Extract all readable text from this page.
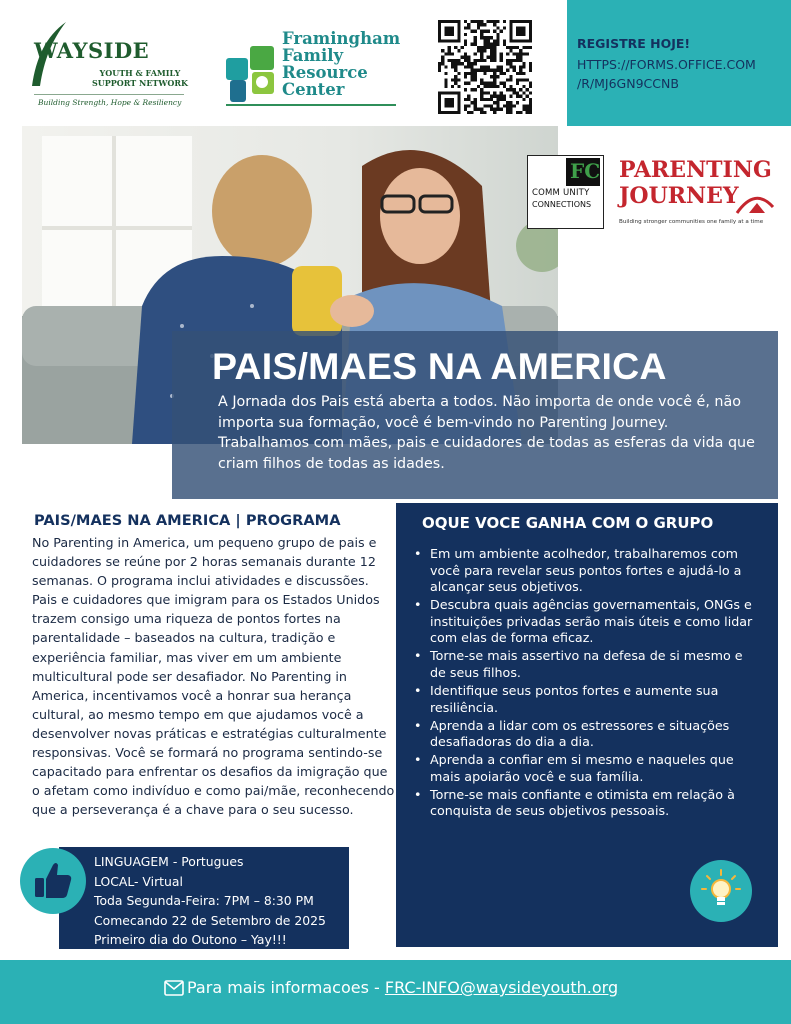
WAYSIDE
YOUTH & FAMILY
SUPPORT NETWORK
Building Strength, Hope & Resiliency
Framingham
Family
Resource
Center
REGISTRE HOJE!
HTTPS://FORMS.OFFICE.COM
/R/MJ6GN9CCNB
FC
COMM UNITY
CONNECTIONS
PARENTING
JOURNEY
Building stronger communities one family at a time
PAIS/MAES NA AMERICA
A Jornada dos Pais está aberta a todos. Não importa de onde você é, não importa sua formação, você é bem-vindo no Parenting Journey. Trabalhamos com mães, pais e cuidadores de todas as esferas da vida que criam filhos de todas as idades.
PAIS/MAES NA AMERICA | PROGRAMA
No Parenting in America, um pequeno grupo de pais e cuidadores se reúne por 2 horas semanais durante 12 semanas. O programa inclui atividades e discussões. Pais e cuidadores que imigram para os Estados Unidos trazem consigo uma riqueza de pontos fortes na parentalidade – baseados na cultura, tradição e experiência familiar, mas viver em um ambiente multicultural pode ser desafiador. No Parenting in America, incentivamos você a honrar sua herança cultural, ao mesmo tempo em que ajudamos você a desenvolver novas práticas e estratégias culturalmente responsivas. Você se formará no programa sentindo-se capacitado para enfrentar os desafios da imigração que o afetam como indivíduo e como pai/mãe, reconhecendo que a perseverança é a chave para o seu sucesso.
LINGUAGEM - Portugues
LOCAL- Virtual
Toda Segunda-Feira: 7PM – 8:30 PM
Comecando 22 de Setembro de 2025
Primeiro dia do Outono – Yay!!!
OQUE VOCE GANHA COM O GRUPO
• Em um ambiente acolhedor, trabalharemos com você para revelar seus pontos fortes e ajudá-lo a alcançar seus objetivos.
• Descubra quais agências governamentais, ONGs e instituições privadas serão mais úteis e como lidar com elas de forma eficaz.
• Torne-se mais assertivo na defesa de si mesmo e de seus filhos.
• Identifique seus pontos fortes e aumente sua resiliência.
• Aprenda a lidar com os estressores e situações desafiadoras do dia a dia.
• Aprenda a confiar em si mesmo e naqueles que mais apoiarão você e sua família.
• Torne-se mais confiante e otimista em relação à conquista de seus objetivos pessoais.
Para mais informacoes - FRC-INFO@waysideyouth.org
